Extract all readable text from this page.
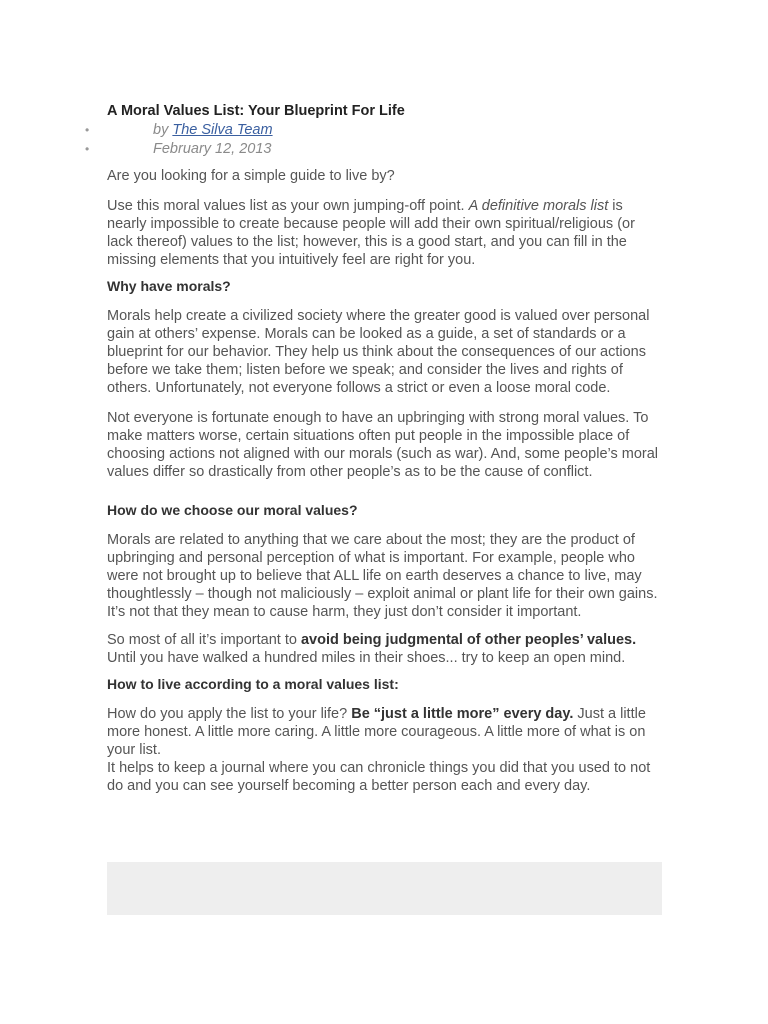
A Moral Values List: Your Blueprint For Life
•	by The Silva Team
•	February 12, 2013

Are you looking for a simple guide to live by?

Use this moral values list as your own jumping-off point. A definitive morals list is nearly impossible to create because people will add their own spiritual/religious (or lack thereof) values to the list; however, this is a good start, and you can fill in the missing elements that you intuitively feel are right for you.

Why have morals?

Morals help create a civilized society where the greater good is valued over personal gain at others’ expense. Morals can be looked as a guide, a set of standards or a blueprint for our behavior. They help us think about the consequences of our actions before we take them; listen before we speak; and consider the lives and rights of others. Unfortunately, not everyone follows a strict or even a loose moral code.

Not everyone is fortunate enough to have an upbringing with strong moral values. To make matters worse, certain situations often put people in the impossible place of choosing actions not aligned with our morals (such as war). And, some people’s moral values differ so drastically from other people’s as to be the cause of conflict.

How do we choose our moral values?

Morals are related to anything that we care about the most; they are the product of upbringing and personal perception of what is important. For example, people who were not brought up to believe that ALL life on earth deserves a chance to live, may thoughtlessly – though not maliciously – exploit animal or plant life for their own gains. It’s not that they mean to cause harm, they just don’t consider it important.

So most of all it’s important to avoid being judgmental of other peoples’ values. Until you have walked a hundred miles in their shoes... try to keep an open mind.

How to live according to a moral values list:

How do you apply the list to your life? Be “just a little more” every day. Just a little more honest. A little more caring. A little more courageous. A little more of what is on your list.

It helps to keep a journal where you can chronicle things you did that you used to not do and you can see yourself becoming a better person each and every day.
